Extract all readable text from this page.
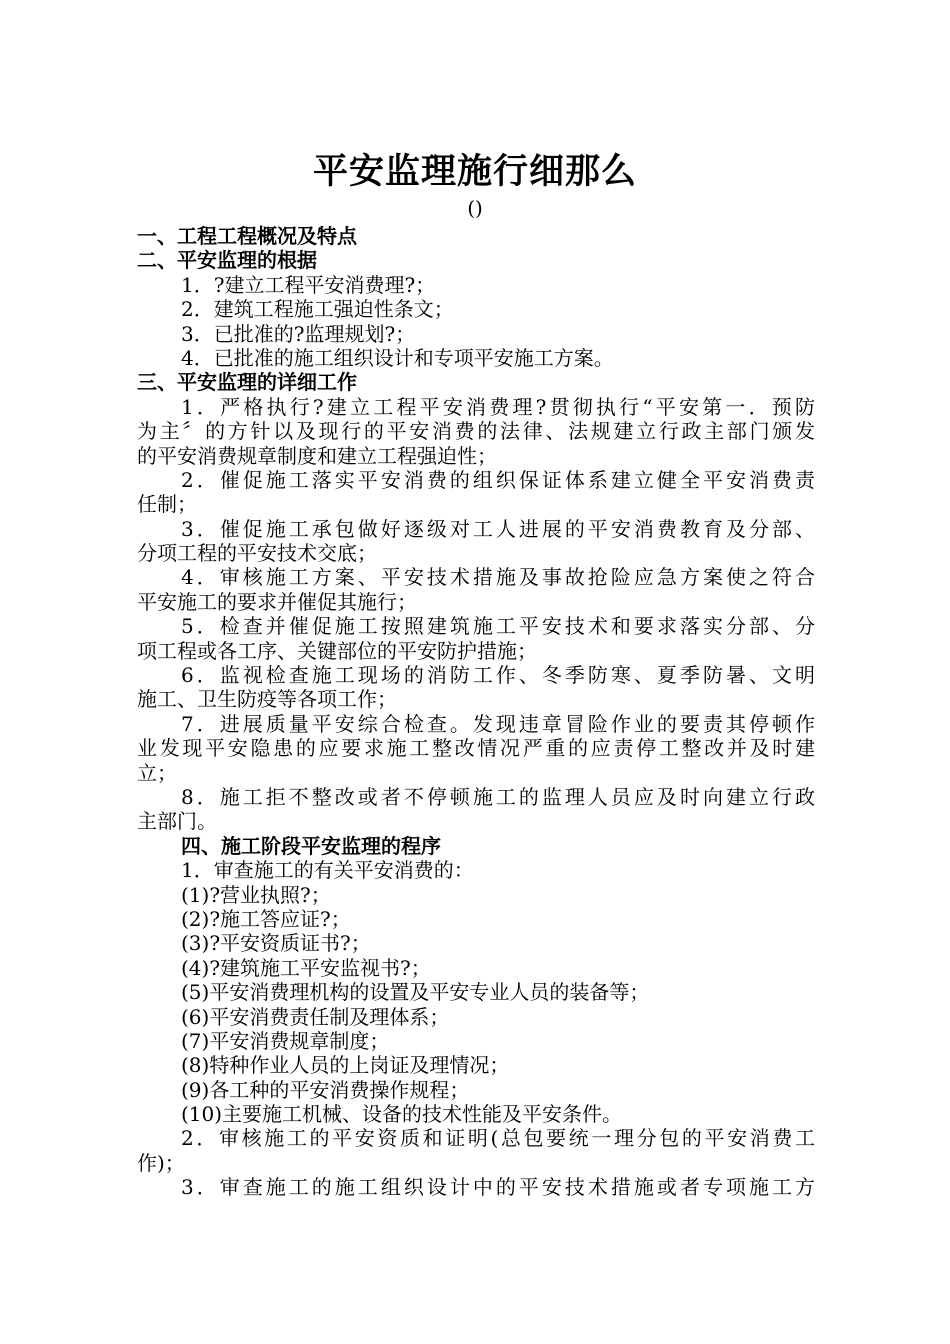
平安监理施行细那么
()
一、工程工程概况及特点
二、平安监理的根据
1．?建立工程平安消费理?；
2．建筑工程施工强迫性条文；
3．已批准的?监理规划?；
4．已批准的施工组织设计和专项平安施工方案。
三、平安监理的详细工作
1．严格执行?建立工程平安消费理?贯彻执行“平安第一．预防
为主〞的方针以及现行的平安消费的法律、法规建立行政主部门颁发
的平安消费规章制度和建立工程强迫性；
2．催促施工落实平安消费的组织保证体系建立健全平安消费责
任制；
3．催促施工承包做好逐级对工人进展的平安消费教育及分部、
分项工程的平安技术交底；
4．审核施工方案、平安技术措施及事故抢险应急方案使之符合
平安施工的要求并催促其施行；
5．检查并催促施工按照建筑施工平安技术和要求落实分部、分
项工程或各工序、关键部位的平安防护措施；
6．监视检查施工现场的消防工作、冬季防寒、夏季防暑、文明
施工、卫生防疫等各项工作；
7．进展质量平安综合检查。发现违章冒险作业的要责其停顿作
业发现平安隐患的应要求施工整改情况严重的应责停工整改并及时建
立；
8．施工拒不整改或者不停顿施工的监理人员应及时向建立行政
主部门。
四、施工阶段平安监理的程序
1．审查施工的有关平安消费的：
(1)?营业执照?；
(2)?施工答应证?；
(3)?平安资质证书?；
(4)?建筑施工平安监视书?；
(5)平安消费理机构的设置及平安专业人员的装备等；
(6)平安消费责任制及理体系；
(7)平安消费规章制度；
(8)特种作业人员的上岗证及理情况；
(9)各工种的平安消费操作规程；
(10)主要施工机械、设备的技术性能及平安条件。
2．审核施工的平安资质和证明(总包要统一理分包的平安消费工
作)；
3．审查施工的施工组织设计中的平安技术措施或者专项施工方
